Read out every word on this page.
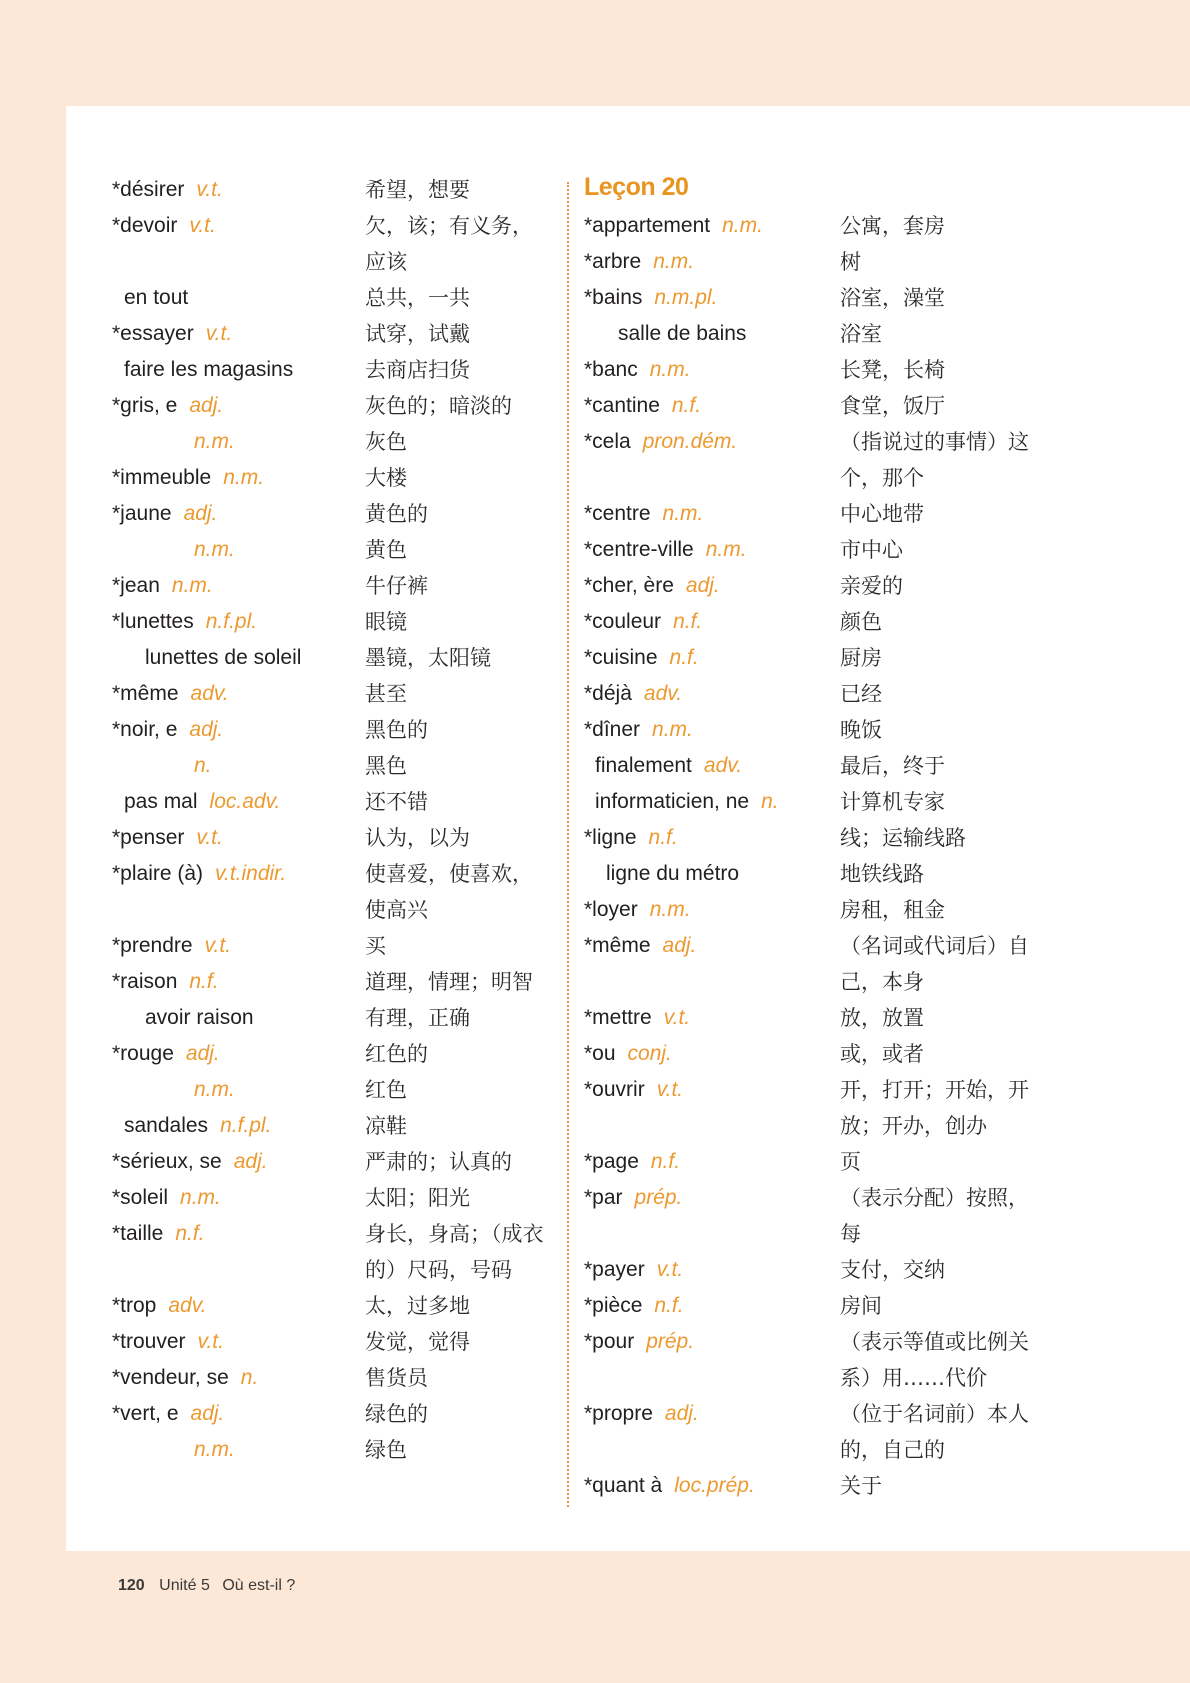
*désirer v.t.	希望，想要
*devoir v.t.	欠，该；有义务，应该
en tout	总共，一共
*essayer v.t.	试穿，试戴
faire les magasins	去商店扫货
*gris, e adj.	灰色的；暗淡的
n.m.	灰色
*immeuble n.m.	大楼
*jaune adj.	黄色的
n.m.	黄色
*jean n.m.	牛仔裤
*lunettes n.f.pl.	眼镜
lunettes de soleil	墨镜，太阳镜
*même adv.	甚至
*noir, e adj.	黑色的
n.	黑色
pas mal loc.adv.	还不错
*penser v.t.	认为，以为
*plaire (à) v.t.indir.	使喜爱，使喜欢，使高兴
*prendre v.t.	买
*raison n.f.	道理，情理；明智
avoir raison	有理，正确
*rouge adj.	红色的
n.m.	红色
sandales n.f.pl.	凉鞋
*sérieux, se adj.	严肃的；认真的
*soleil n.m.	太阳；阳光
*taille n.f.	身长，身高；（成衣的）尺码，号码
*trop adv.	太，过多地
*trouver v.t.	发觉，觉得
*vendeur, se n.	售货员
*vert, e adj.	绿色的
n.m.	绿色
Leçon 20
*appartement n.m.	公寓，套房
*arbre n.m.	树
*bains n.m.pl.	浴室，澡堂
salle de bains	浴室
*banc n.m.	长凳，长椅
*cantine n.f.	食堂，饭厅
*cela pron.dém.	（指说过的事情）这个，那个
*centre n.m.	中心地带
*centre-ville n.m.	市中心
*cher, ère adj.	亲爱的
*couleur n.f.	颜色
*cuisine n.f.	厨房
*déjà adv.	已经
*dîner n.m.	晚饭
finalement adv.	最后，终于
informaticien, ne n.	计算机专家
*ligne n.f.	线；运输线路
ligne du métro	地铁线路
*loyer n.m.	房租，租金
*même adj.	（名词或代词后）自己，本身
*mettre v.t.	放，放置
*ou conj.	或，或者
*ouvrir v.t.	开，打开；开始，开放；开办，创办
*page n.f.	页
*par prép.	（表示分配）按照，每
*payer v.t.	支付，交纳
*pièce n.f.	房间
*pour prép.	（表示等值或比例关系）用……代价
*propre adj.	（位于名词前）本人的，自己的
*quant à loc.prép.	关于
120 Unité 5 Où est-il ?
